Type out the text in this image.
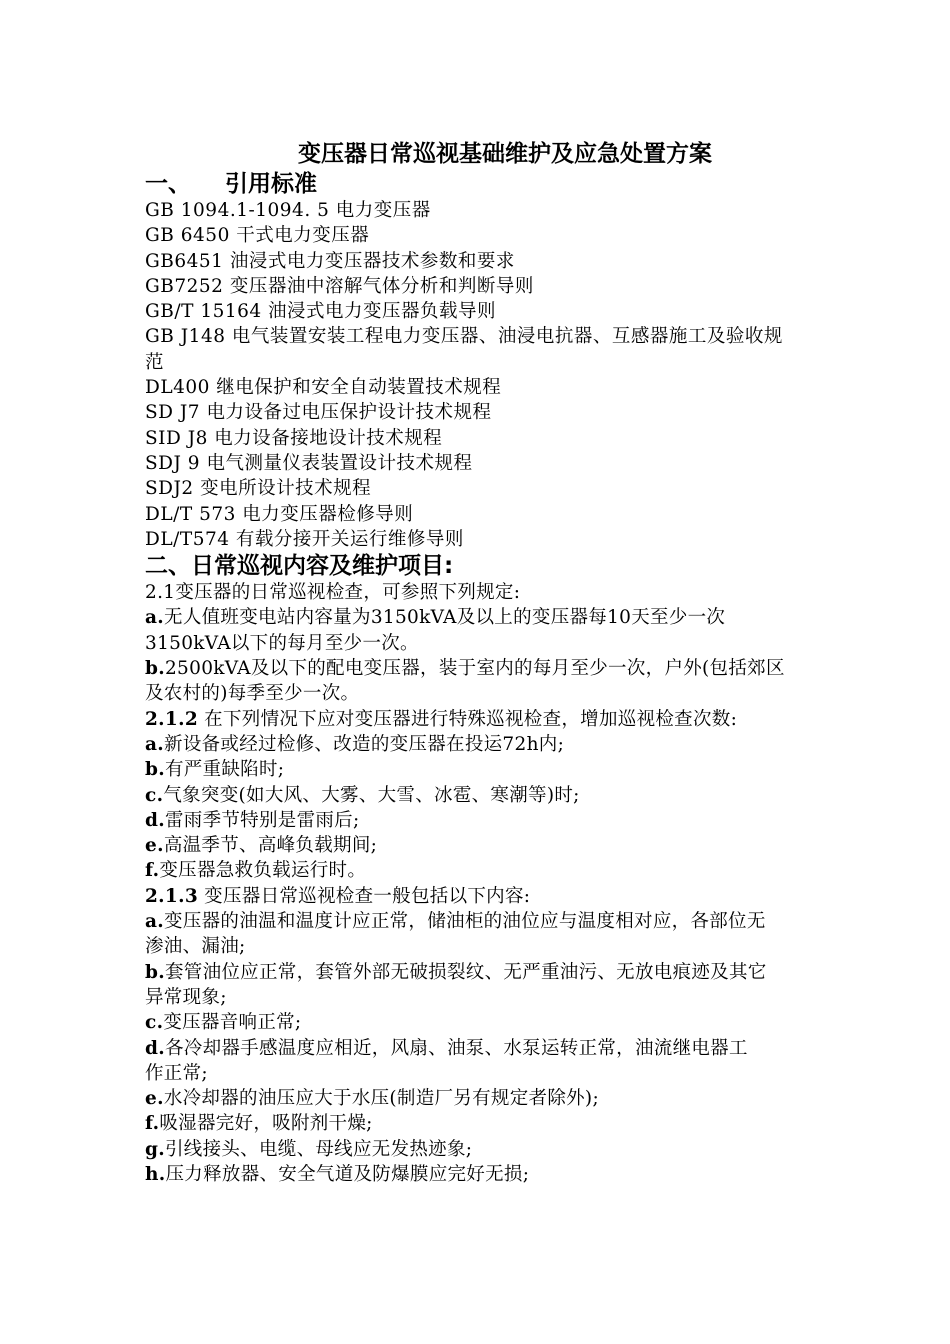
变压器日常巡视基础维护及应急处置方案
一、 引用标准
GB 1094.1-1094. 5 电力变压器
GB 6450 干式电力变压器
GB6451 油浸式电力变压器技术参数和要求
GB7252 变压器油中溶解气体分析和判断导则
GB/T 15164 油浸式电力变压器负载导则
GB J148 电气装置安装工程电力变压器、油浸电抗器、互感器施工及验收规
范
DL400 继电保护和安全自动装置技术规程
SD J7 电力设备过电压保护设计技术规程
SID J8 电力设备接地设计技术规程
SDJ 9 电气测量仪表装置设计技术规程
SDJ2 变电所设计技术规程
DL/T 573 电力变压器检修导则
DL/T574 有载分接开关运行维修导则
二、日常巡视内容及维护项目:
2.1变压器的日常巡视检查，可参照下列规定:
a.无人值班变电站内容量为3150kVA及以上的变压器每10天至少一次
3150kVA以下的每月至少一次。
b.2500kVA及以下的配电变压器，装于室内的每月至少一次，户外(包括郊区
及农村的)每季至少一次。
2.1.2 在下列情况下应对变压器进行特殊巡视检查，增加巡视检查次数:
a.新设备或经过检修、改造的变压器在投运72h内;
b.有严重缺陷时;
c.气象突变(如大风、大雾、大雪、冰雹、寒潮等)时;
d.雷雨季节特别是雷雨后;
e.高温季节、高峰负载期间;
f.变压器急救负载运行时。
2.1.3 变压器日常巡视检查一般包括以下内容:
a.变压器的油温和温度计应正常，储油柜的油位应与温度相对应，各部位无
渗油、漏油;
b.套管油位应正常，套管外部无破损裂纹、无严重油污、无放电痕迹及其它
异常现象;
c.变压器音响正常;
d.各冷却器手感温度应相近，风扇、油泵、水泵运转正常，油流继电器工
作正常;
e.水冷却器的油压应大于水压(制造厂另有规定者除外);
f.吸湿器完好，吸附剂干燥;
g.引线接头、电缆、母线应无发热迹象;
h.压力释放器、安全气道及防爆膜应完好无损;
